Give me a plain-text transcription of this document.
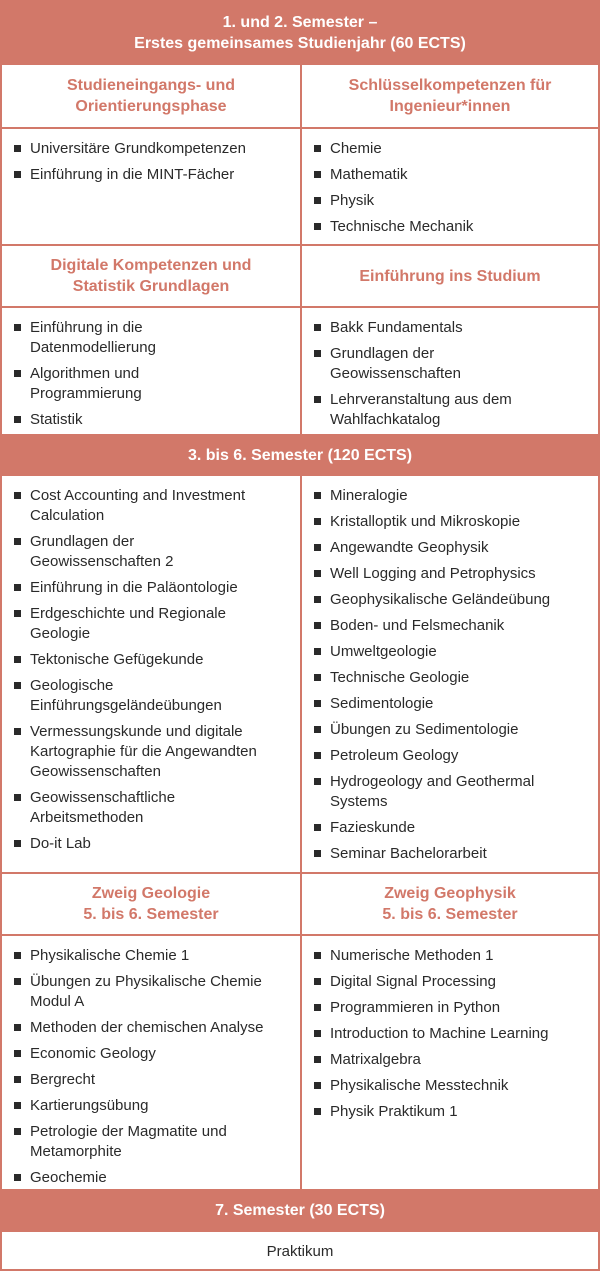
1. und 2. Semester –
Erstes gemeinsames Studienjahr (60 ECTS)
Studieneingangs- und
Orientierungsphase
Schlüsselkompetenzen für
Ingenieur*innen
Universitäre Grundkompetenzen
Einführung in die MINT-Fächer
Chemie
Mathematik
Physik
Technische Mechanik
Digitale Kompetenzen und
Statistik Grundlagen
Einführung ins Studium
Einführung in die Datenmodellierung
Algorithmen und Programmierung
Statistik
Bakk Fundamentals
Grundlagen der Geowissenschaften
Lehrveranstaltung aus dem Wahlfachkatalog
3. bis 6. Semester (120 ECTS)
Cost Accounting and Investment Calculation
Grundlagen der Geowissenschaften 2
Einführung in die Paläontologie
Erdgeschichte und Regionale Geologie
Tektonische Gefügekunde
Geologische Einführungsgeländeübungen
Vermessungskunde und digitale Kartographie für die Angewandten Geowissenschaften
Geowissenschaftliche Arbeitsmethoden
Do-it Lab
Mineralogie
Kristalloptik und Mikroskopie
Angewandte Geophysik
Well Logging and Petrophysics
Geophysikalische Geländeübung
Boden- und Felsmechanik
Umweltgeologie
Technische Geologie
Sedimentologie
Übungen zu Sedimentologie
Petroleum Geology
Hydrogeology and Geothermal Systems
Fazieskunde
Seminar Bachelorarbeit
Zweig Geologie
5. bis 6. Semester
Zweig Geophysik
5. bis 6. Semester
Physikalische Chemie 1
Übungen zu Physikalische Chemie Modul A
Methoden der chemischen Analyse
Economic Geology
Bergrecht
Kartierungsübung
Petrologie der Magmatite und Metamorphite
Geochemie
Numerische Methoden 1
Digital Signal Processing
Programmieren in Python
Introduction to Machine Learning
Matrixalgebra
Physikalische Messtechnik
Physik Praktikum 1
7. Semester (30 ECTS)
Praktikum
